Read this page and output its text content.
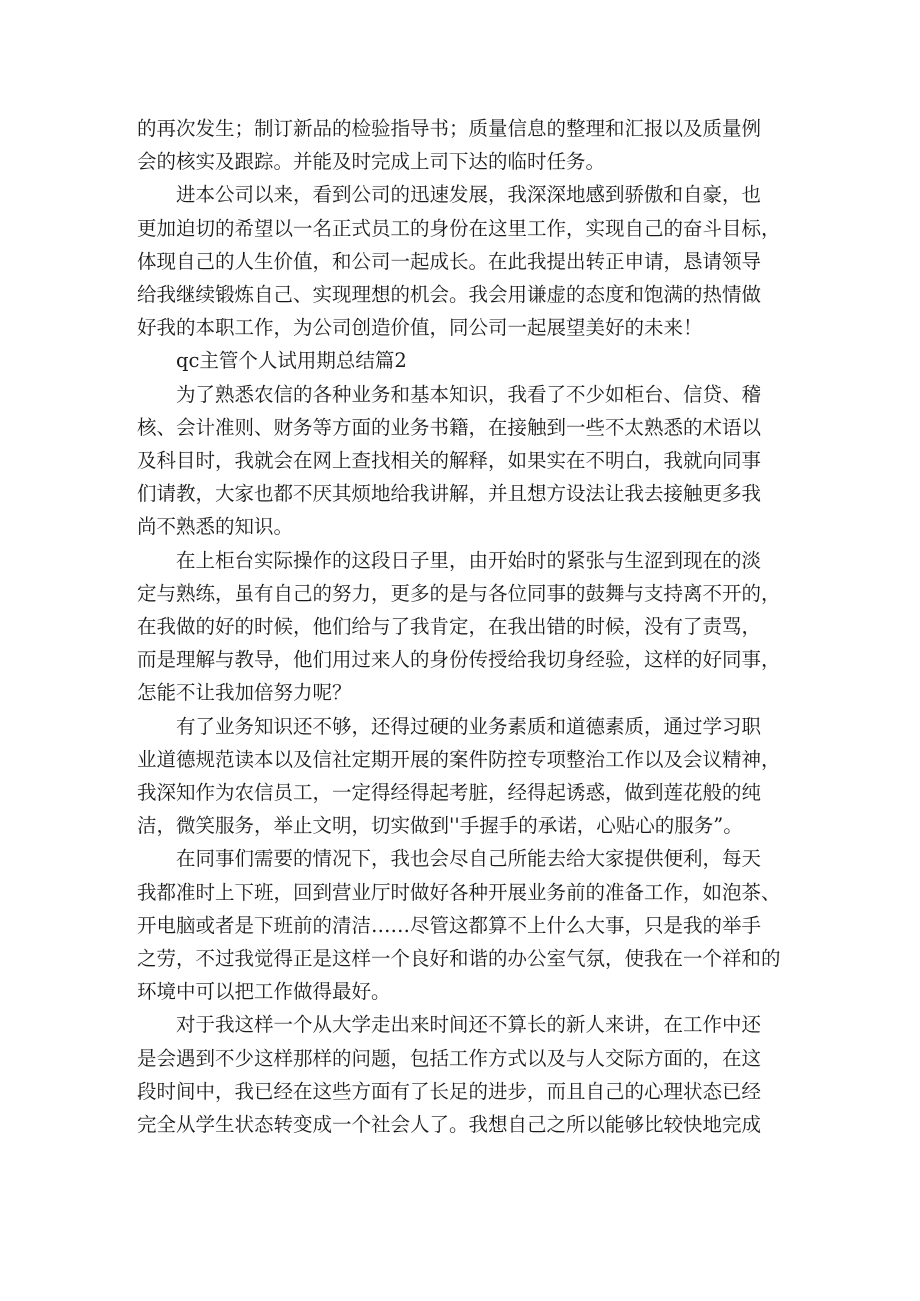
的再次发生；制订新品的检验指导书；质量信息的整理和汇报以及质量例
会的核实及跟踪。并能及时完成上司下达的临时任务。

进本公司以来，看到公司的迅速发展，我深深地感到骄傲和自豪，也
更加迫切的希望以一名正式员工的身份在这里工作，实现自己的奋斗目标，
体现自己的人生价值，和公司一起成长。在此我提出转正申请，恳请领导
给我继续锻炼自己、实现理想的机会。我会用谦虚的态度和饱满的热情做
好我的本职工作，为公司创造价值，同公司一起展望美好的未来！

qc主管个人试用期总结篇2

为了熟悉农信的各种业务和基本知识，我看了不少如柜台、信贷、稽
核、会计准则、财务等方面的业务书籍，在接触到一些不太熟悉的术语以
及科目时，我就会在网上查找相关的解释，如果实在不明白，我就向同事
们请教，大家也都不厌其烦地给我讲解，并且想方设法让我去接触更多我
尚不熟悉的知识。

在上柜台实际操作的这段日子里，由开始时的紧张与生涩到现在的淡
定与熟练，虽有自己的努力，更多的是与各位同事的鼓舞与支持离不开的，
在我做的好的时候，他们给与了我肯定，在我出错的时候，没有了责骂，
而是理解与教导，他们用过来人的身份传授给我切身经验，这样的好同事，
怎能不让我加倍努力呢？

有了业务知识还不够，还得过硬的业务素质和道德素质，通过学习职
业道德规范读本以及信社定期开展的案件防控专项整治工作以及会议精神，
我深知作为农信员工，一定得经得起考脏，经得起诱惑，做到莲花般的纯
洁，微笑服务，举止文明，切实做到''手握手的承诺，心贴心的服务”。

在同事们需要的情况下，我也会尽自己所能去给大家提供便利，每天
我都准时上下班，回到营业厅时做好各种开展业务前的准备工作，如泡茶、
开电脑或者是下班前的清洁……尽管这都算不上什么大事，只是我的举手
之劳，不过我觉得正是这样一个良好和谐的办公室气氛，使我在一个祥和的
环境中可以把工作做得最好。

对于我这样一个从大学走出来时间还不算长的新人来讲，在工作中还
是会遇到不少这样那样的问题，包括工作方式以及与人交际方面的，在这
段时间中，我已经在这些方面有了长足的进步，而且自己的心理状态已经
完全从学生状态转变成一个社会人了。我想自己之所以能够比较快地完成
